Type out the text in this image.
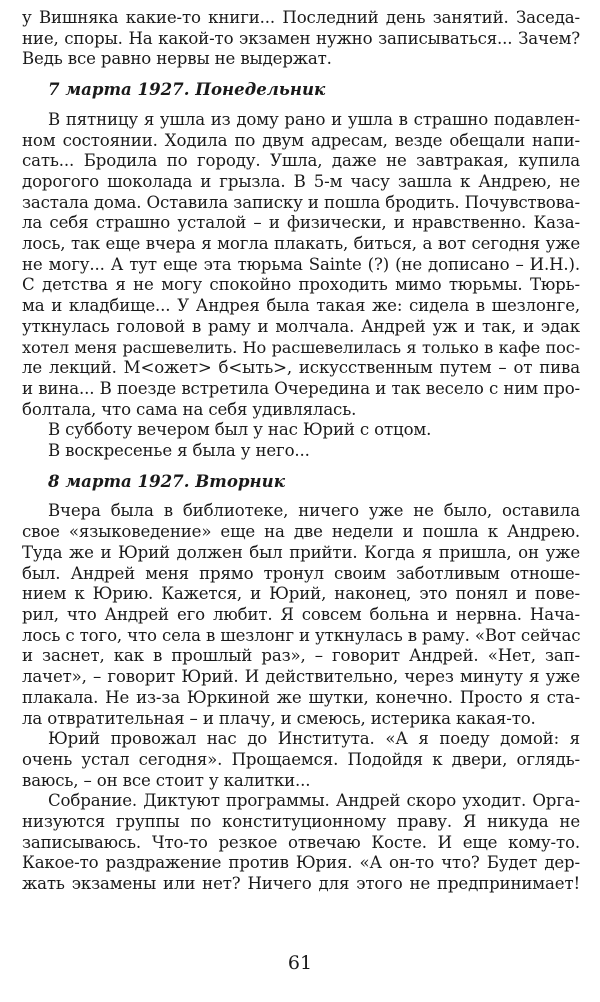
у Вишняка какие-то книги... Последний день занятий. Заседа-
ние, споры. На какой-то экзамен нужно записываться... Зачем?
Ведь все равно нервы не выдержат.
7 марта 1927. Понедельник
В пятницу я ушла из дому рано и ушла в страшно подавлен-
ном состоянии. Ходила по двум адресам, везде обещали напи-
сать... Бродила по городу. Ушла, даже не завтракая, купила
дорогого шоколада и грызла. В 5-м часу зашла к Андрею, не
застала дома. Оставила записку и пошла бродить. Почувствова-
ла себя страшно усталой – и физически, и нравственно. Каза-
лось, так еще вчера я могла плакать, биться, а вот сегодня уже
не могу... А тут еще эта тюрьма Sainte (?) (не дописано – И.Н.).
С детства я не могу спокойно проходить мимо тюрьмы. Тюрь-
ма и кладбище... У Андрея была такая же: сидела в шезлонге,
уткнулась головой в раму и молчала. Андрей уж и так, и эдак
хотел меня расшевелить. Но расшевелилась я только в кафе пос-
ле лекций. М<ожет> б<ыть>, искусственным путем – от пива
и вина... В поезде встретила Очередина и так весело с ним про-
болтала, что сама на себя удивлялась.
В субботу вечером был у нас Юрий с отцом.
В воскресенье я была у него...
8 марта 1927. Вторник
Вчера была в библиотеке, ничего уже не было, оставила
свое «языковедение» еще на две недели и пошла к Андрею.
Туда же и Юрий должен был прийти. Когда я пришла, он уже
был. Андрей меня прямо тронул своим заботливым отноше-
нием к Юрию. Кажется, и Юрий, наконец, это понял и пове-
рил, что Андрей его любит. Я совсем больна и нервна. Нача-
лось с того, что села в шезлонг и уткнулась в раму. «Вот сейчас
и заснет, как в прошлый раз», – говорит Андрей. «Нет, зап-
лачет», – говорит Юрий. И действительно, через минуту я уже
плакала. Не из-за Юркиной же шутки, конечно. Просто я ста-
ла отвратительная – и плачу, и смеюсь, истерика какая-то.
Юрий провожал нас до Института. «А я поеду домой: я
очень устал сегодня». Прощаемся. Подойдя к двери, оглядь-
ваюсь, – он все стоит у калитки...
Собрание. Диктуют программы. Андрей скоро уходит. Орга-
низуются группы по конституционному праву. Я никуда не
записываюсь. Что-то резкое отвечаю Косте. И еще кому-то.
Какое-то раздражение против Юрия. «А он-то что? Будет дер-
жать экзамены или нет? Ничего для этого не предпринимает!
61
